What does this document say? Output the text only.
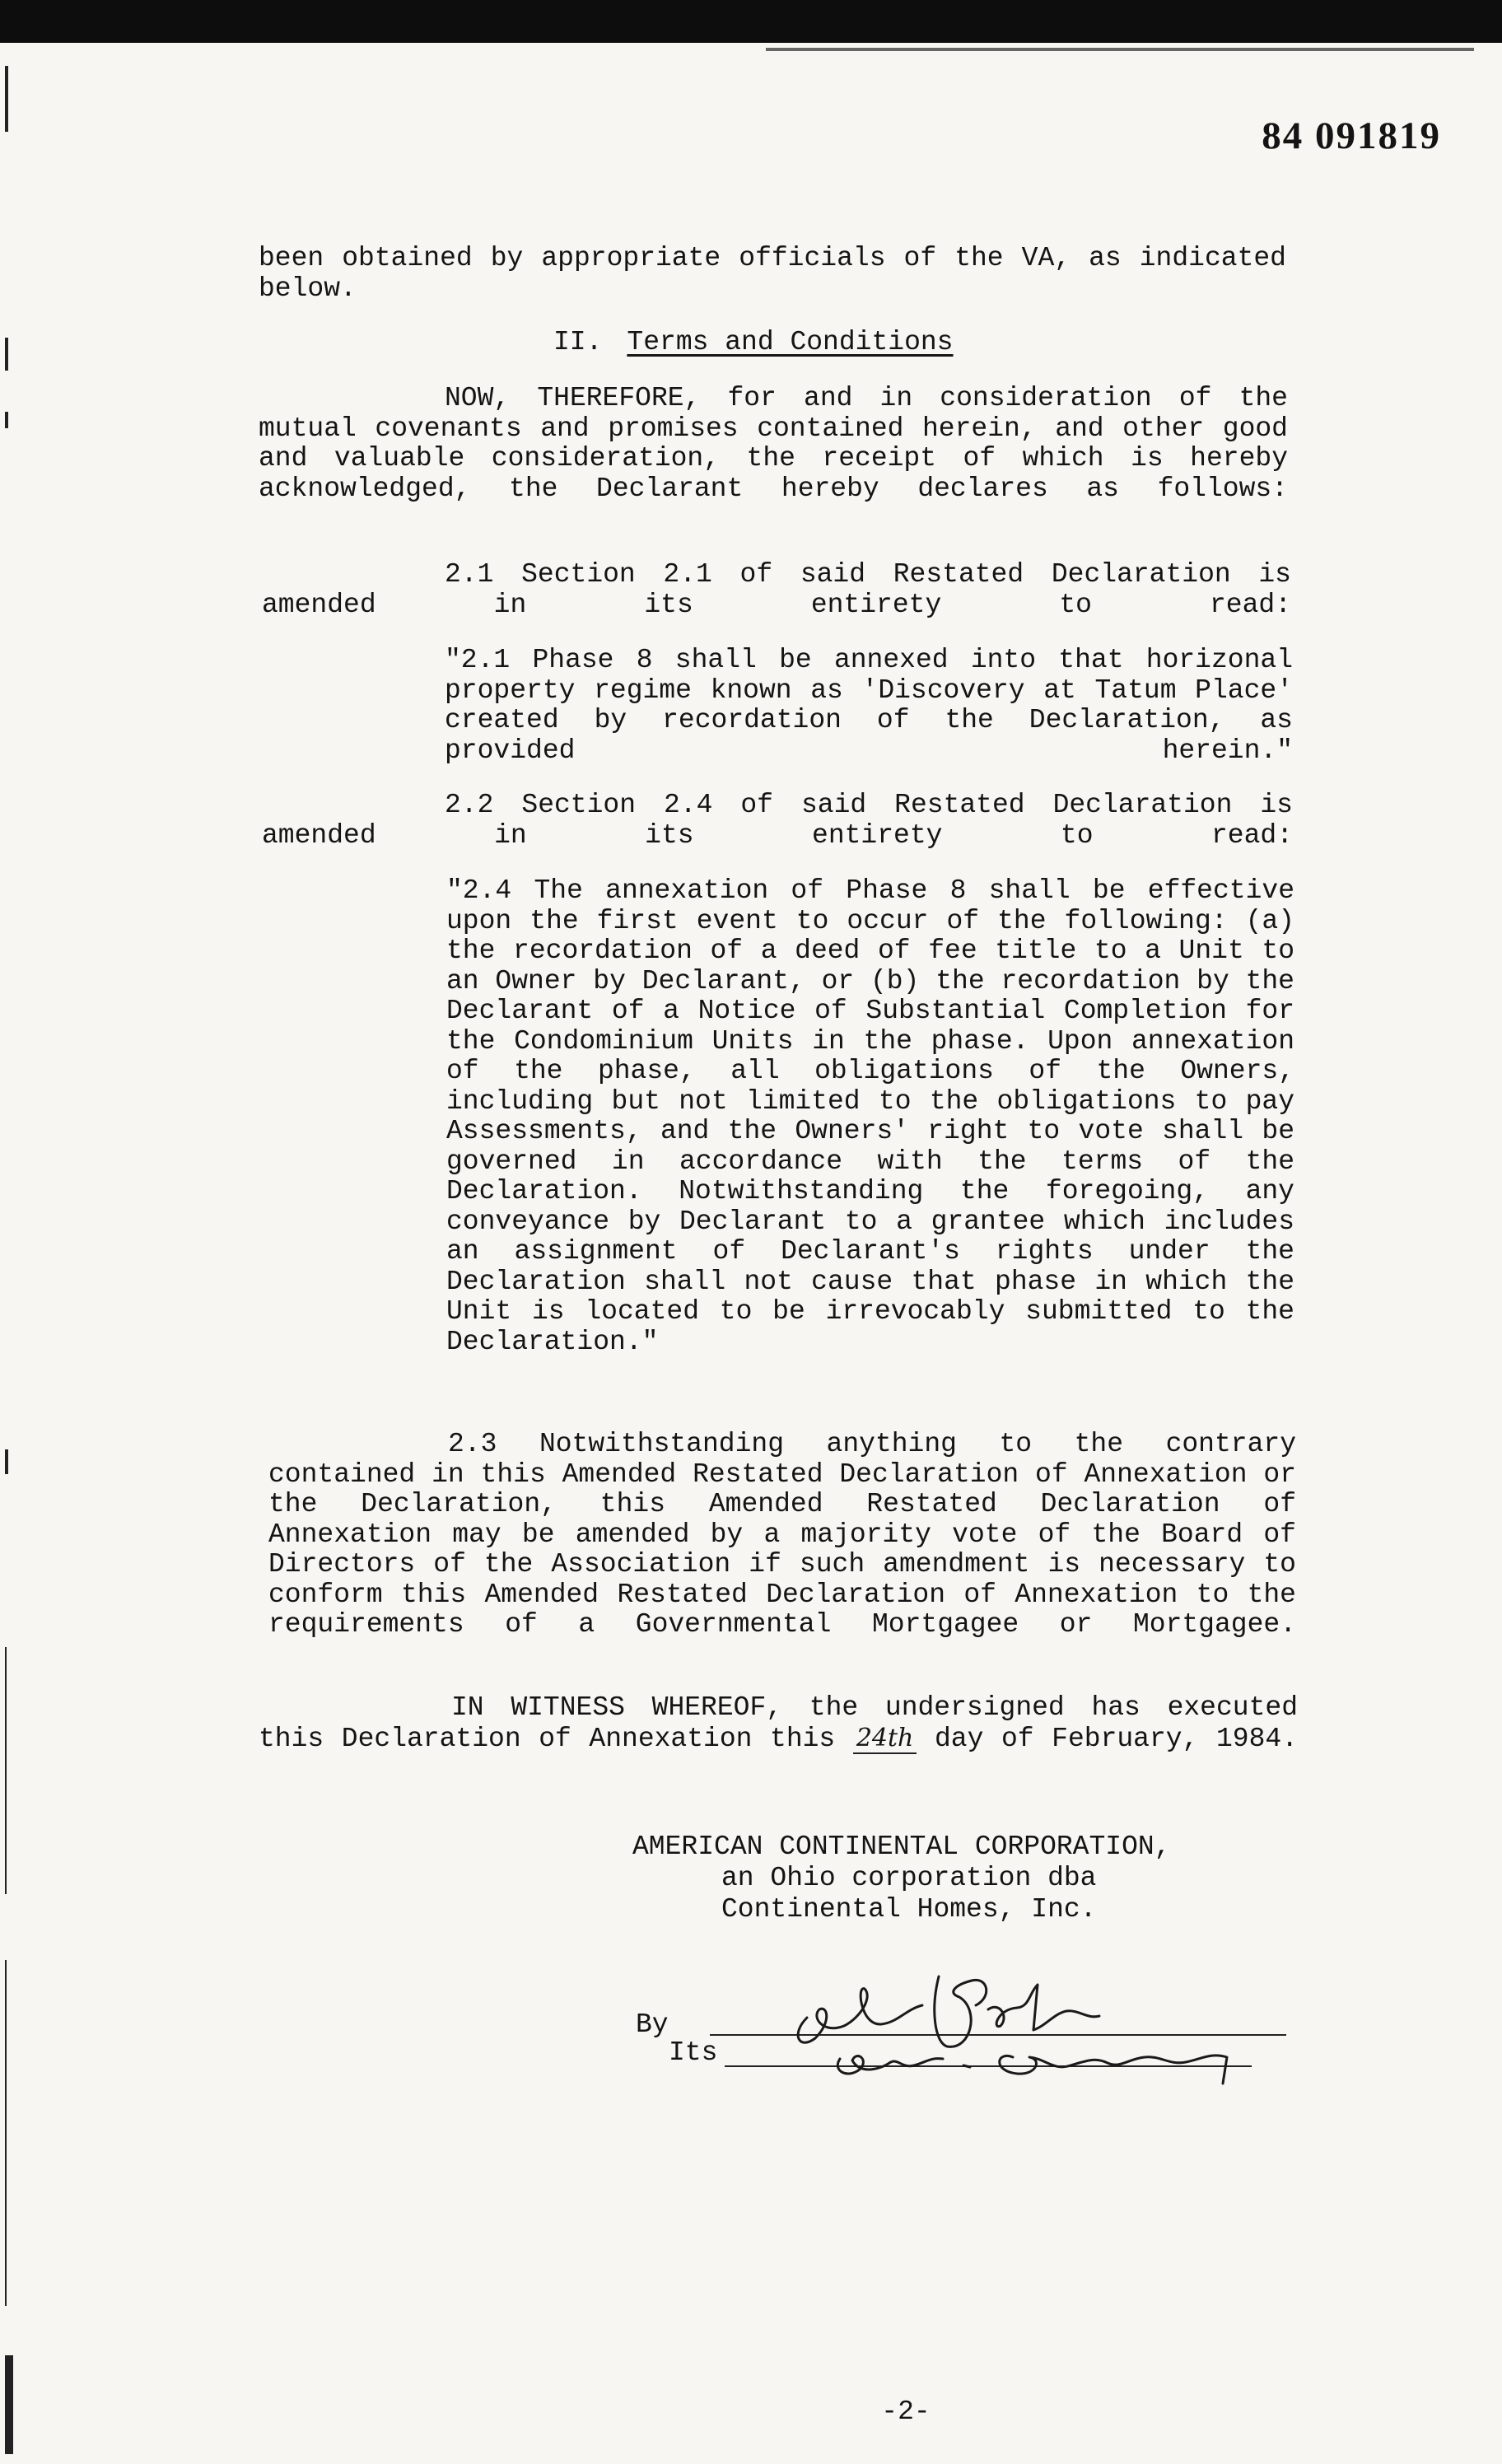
84 091819

been obtained by appropriate officials of the VA, as indicated below.

II. Terms and Conditions

NOW, THEREFORE, for and in consideration of the mutual covenants and promises contained herein, and other good and valuable consideration, the receipt of which is hereby acknowledged, the Declarant hereby declares as follows:

2.1 Section 2.1 of said Restated Declaration is amended in its entirety to read:

"2.1 Phase 8 shall be annexed into that horizonal property regime known as 'Discovery at Tatum Place' created by recordation of the Declaration, as provided herein."

2.2 Section 2.4 of said Restated Declaration is amended in its entirety to read:

"2.4 The annexation of Phase 8 shall be effective upon the first event to occur of the following: (a) the recordation of a deed of fee title to a Unit to an Owner by Declarant, or (b) the recordation by the Declarant of a Notice of Substantial Completion for the Condominium Units in the phase. Upon annexation of the phase, all obligations of the Owners, including but not limited to the obligations to pay Assessments, and the Owners' right to vote shall be governed in accordance with the terms of the Declaration. Notwithstanding the foregoing, any conveyance by Declarant to a grantee which includes an assignment of Declarant's rights under the Declaration shall not cause that phase in which the Unit is located to be irrevocably submitted to the Declaration."

2.3 Notwithstanding anything to the contrary contained in this Amended Restated Declaration of Annexation or the Declaration, this Amended Restated Declaration of Annexation may be amended by a majority vote of the Board of Directors of the Association if such amendment is necessary to conform this Amended Restated Declaration of Annexation to the requirements of a Governmental Mortgagee or Mortgagee.

IN WITNESS WHEREOF, the undersigned has executed this Declaration of Annexation this 24th day of February, 1984.

AMERICAN CONTINENTAL CORPORATION,
an Ohio corporation dba
Continental Homes, Inc.
By
Its
-2-
